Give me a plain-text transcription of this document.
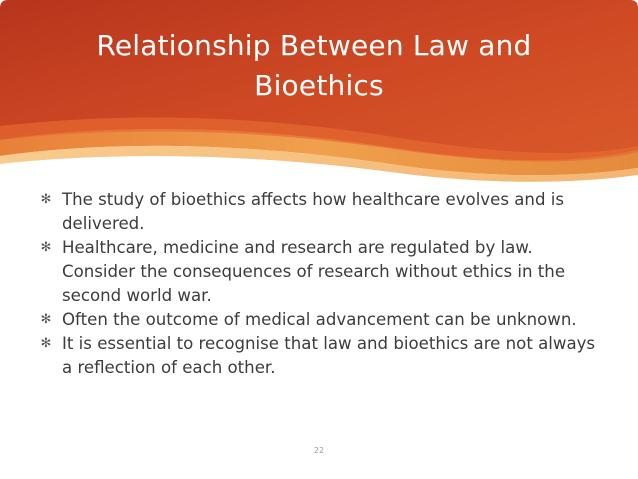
Relationship Between Law and
Bioethics
✻ The study of bioethics affects how healthcare evolves and is delivered.
✻ Healthcare, medicine and research are regulated by law. Consider the consequences of research without ethics in the second world war.
✻ Often the outcome of medical advancement can be unknown.
✻ It is essential to recognise that law and bioethics are not always a reflection of each other.
22
